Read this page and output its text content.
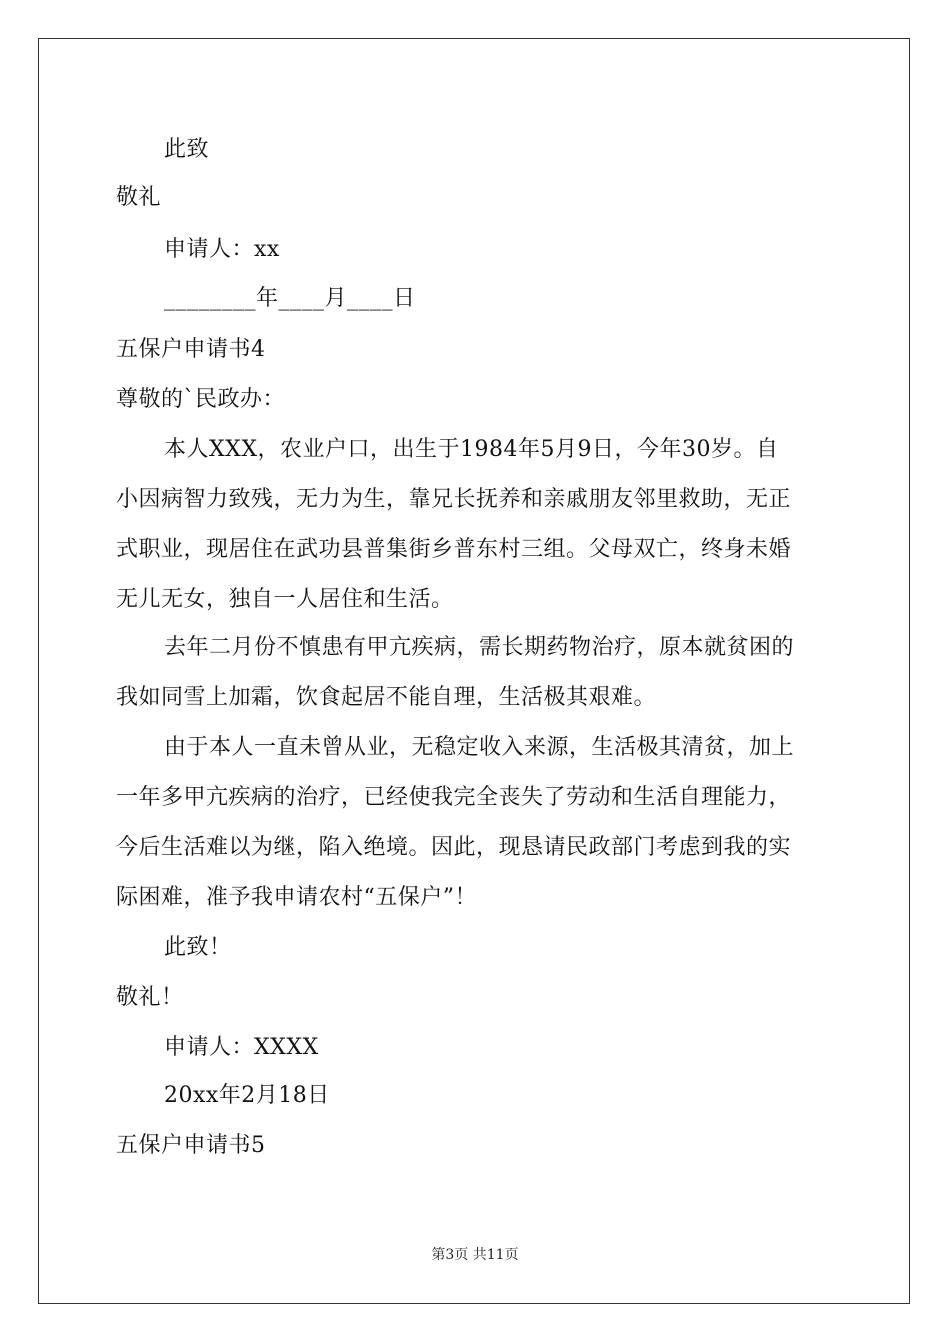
此致
敬礼
申请人：xx
________年____月____日
五保户申请书4
尊敬的`民政办：
本人XXX，农业户口，出生于1984年5月9日，今年30岁。自
小因病智力致残，无力为生，靠兄长抚养和亲戚朋友邻里救助，无正
式职业，现居住在武功县普集街乡普东村三组。父母双亡，终身未婚
无儿无女，独自一人居住和生活。
去年二月份不慎患有甲亢疾病，需长期药物治疗，原本就贫困的
我如同雪上加霜，饮食起居不能自理，生活极其艰难。
由于本人一直未曾从业，无稳定收入来源，生活极其清贫，加上
一年多甲亢疾病的治疗，已经使我完全丧失了劳动和生活自理能力，
今后生活难以为继，陷入绝境。因此，现恳请民政部门考虑到我的实
际困难，准予我申请农村“五保户”！
此致！
敬礼！
申请人：XXXX
20xx年2月18日
五保户申请书5
第3页 共11页
